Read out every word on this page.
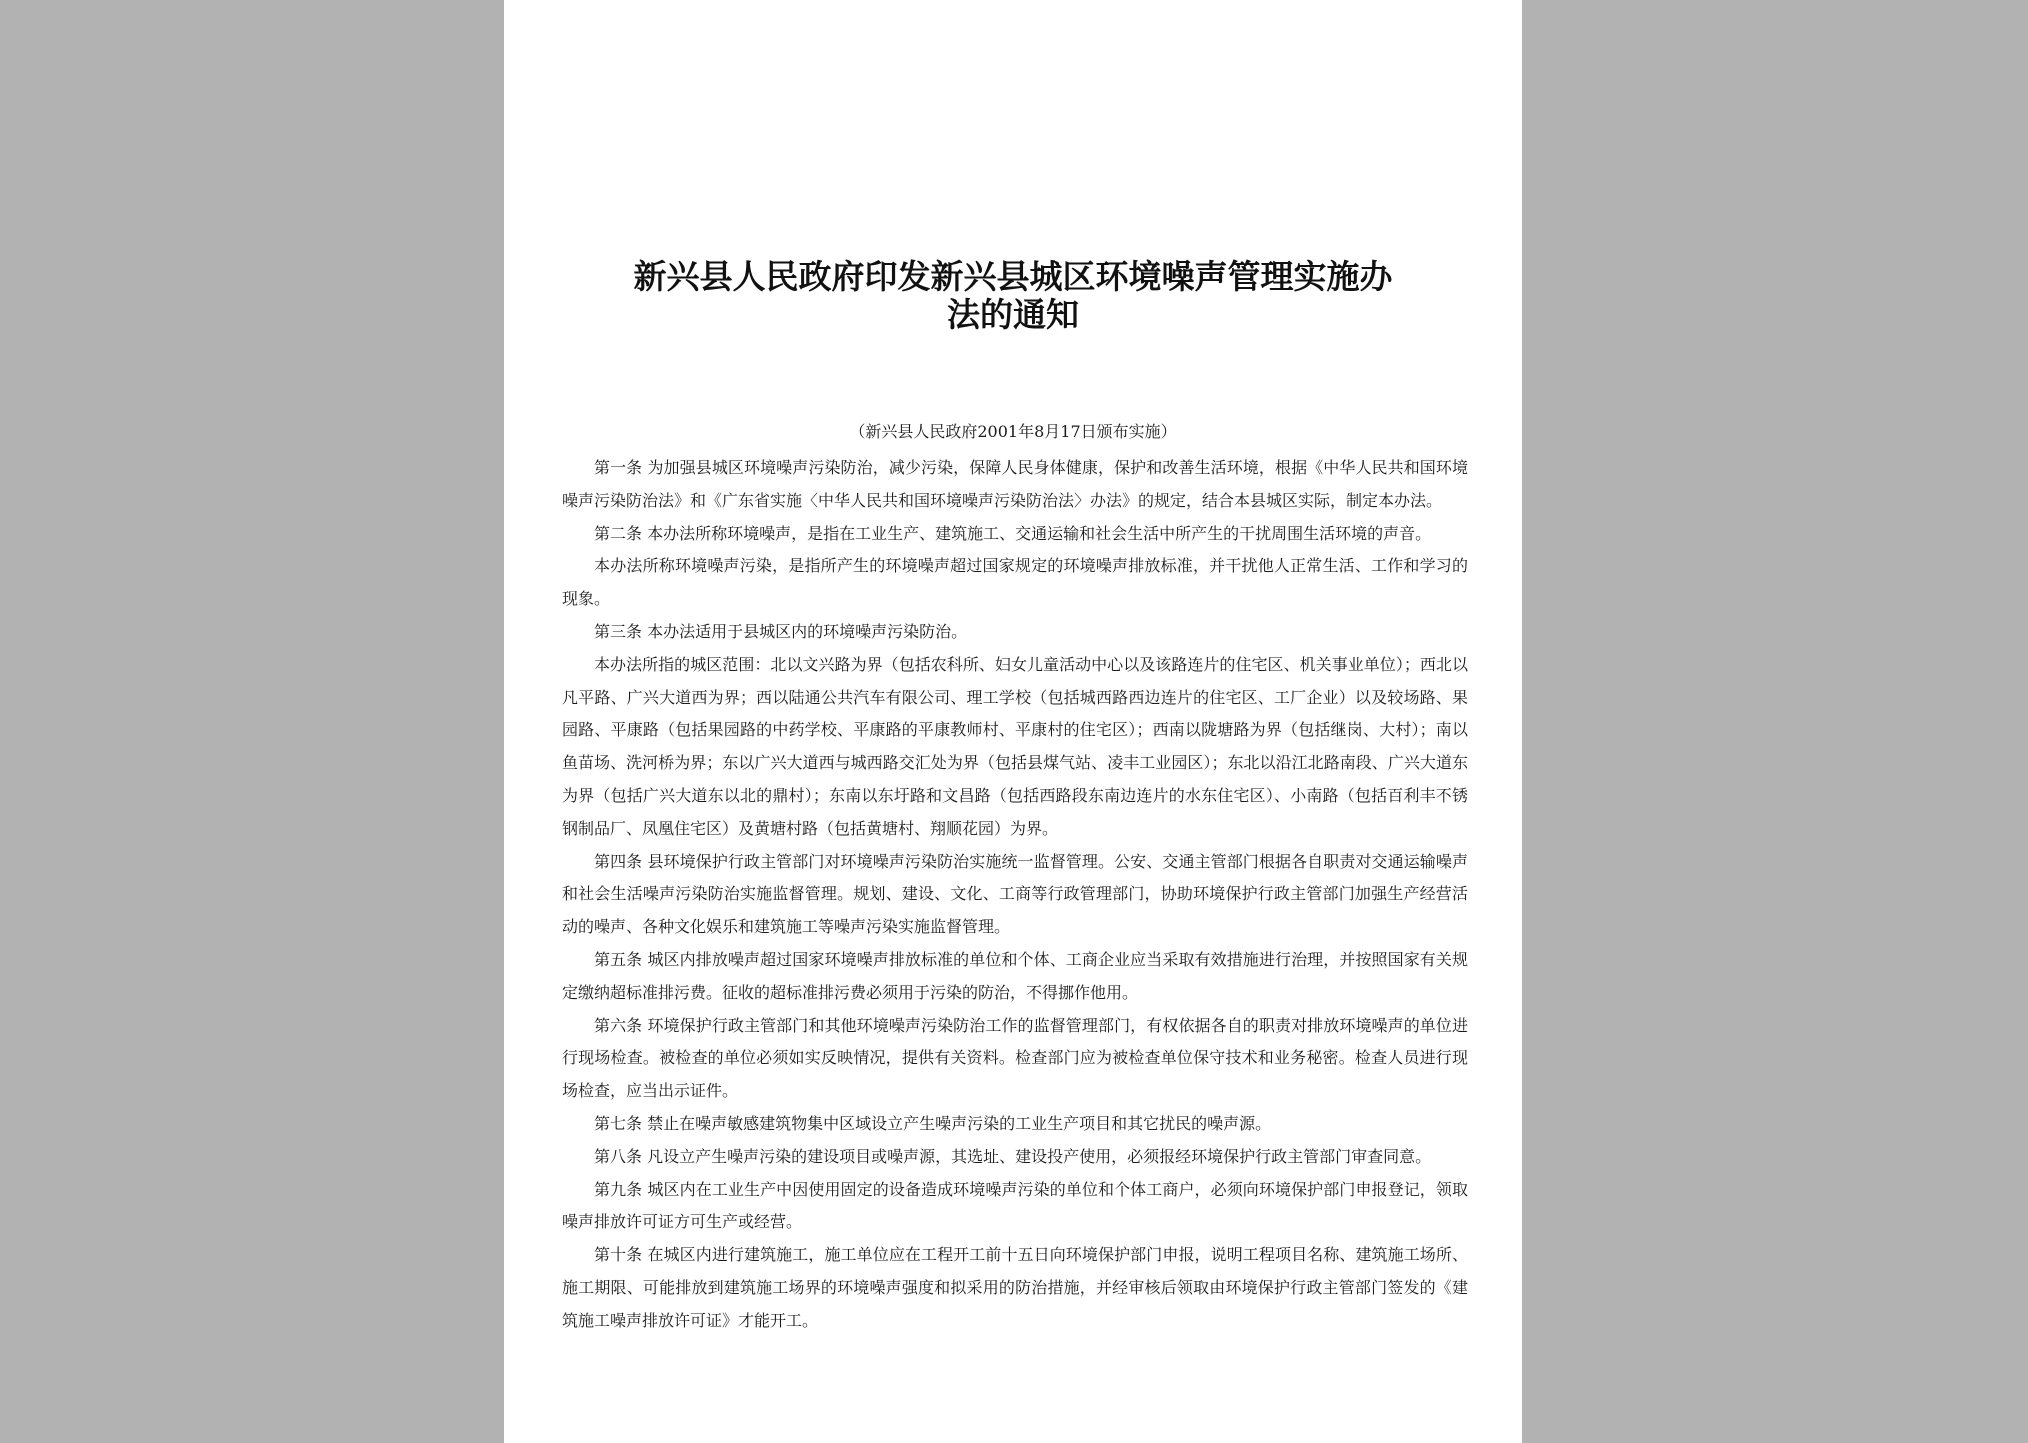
新兴县人民政府印发新兴县城区环境噪声管理实施办
法的通知

（新兴县人民政府2001年8月17日颁布实施）

第一条 为加强县城区环境噪声污染防治，减少污染，保障人民身体健康，保护和改善生活环境，根据《中华人民共和国环境噪声污染防治法》和《广东省实施〈中华人民共和国环境噪声污染防治法〉办法》的规定，结合本县城区实际，制定本办法。

第二条 本办法所称环境噪声，是指在工业生产、建筑施工、交通运输和社会生活中所产生的干扰周围生活环境的声音。

本办法所称环境噪声污染，是指所产生的环境噪声超过国家规定的环境噪声排放标准，并干扰他人正常生活、工作和学习的现象。

第三条 本办法适用于县城区内的环境噪声污染防治。

本办法所指的城区范围：北以文兴路为界（包括农科所、妇女儿童活动中心以及该路连片的住宅区、机关事业单位）；西北以凡平路、广兴大道西为界；西以陆通公共汽车有限公司、理工学校（包括城西路西边连片的住宅区、工厂企业）以及较场路、果园路、平康路（包括果园路的中药学校、平康路的平康教师村、平康村的住宅区）；西南以陇塘路为界（包括继岗、大村）；南以鱼苗场、洗河桥为界；东以广兴大道西与城西路交汇处为界（包括县煤气站、凌丰工业园区）；东北以沿江北路南段、广兴大道东为界（包括广兴大道东以北的鼎村）；东南以东圩路和文昌路（包括西路段东南边连片的水东住宅区）、小南路（包括百利丰不锈钢制品厂、凤凰住宅区）及黄塘村路（包括黄塘村、翔顺花园）为界。

第四条 县环境保护行政主管部门对环境噪声污染防治实施统一监督管理。公安、交通主管部门根据各自职责对交通运输噪声和社会生活噪声污染防治实施监督管理。规划、建设、文化、工商等行政管理部门，协助环境保护行政主管部门加强生产经营活动的噪声、各种文化娱乐和建筑施工等噪声污染实施监督管理。

第五条 城区内排放噪声超过国家环境噪声排放标准的单位和个体、工商企业应当采取有效措施进行治理，并按照国家有关规定缴纳超标准排污费。征收的超标准排污费必须用于污染的防治，不得挪作他用。

第六条 环境保护行政主管部门和其他环境噪声污染防治工作的监督管理部门，有权依据各自的职责对排放环境噪声的单位进行现场检查。被检查的单位必须如实反映情况，提供有关资料。检查部门应为被检查单位保守技术和业务秘密。检查人员进行现场检查，应当出示证件。

第七条 禁止在噪声敏感建筑物集中区域设立产生噪声污染的工业生产项目和其它扰民的噪声源。

第八条 凡设立产生噪声污染的建设项目或噪声源，其选址、建设投产使用，必须报经环境保护行政主管部门审查同意。

第九条 城区内在工业生产中因使用固定的设备造成环境噪声污染的单位和个体工商户，必须向环境保护部门申报登记，领取噪声排放许可证方可生产或经营。

第十条 在城区内进行建筑施工，施工单位应在工程开工前十五日向环境保护部门申报，说明工程项目名称、建筑施工场所、施工期限、可能排放到建筑施工场界的环境噪声强度和拟采用的防治措施，并经审核后领取由环境保护行政主管部门签发的《建筑施工噪声排放许可证》才能开工。
